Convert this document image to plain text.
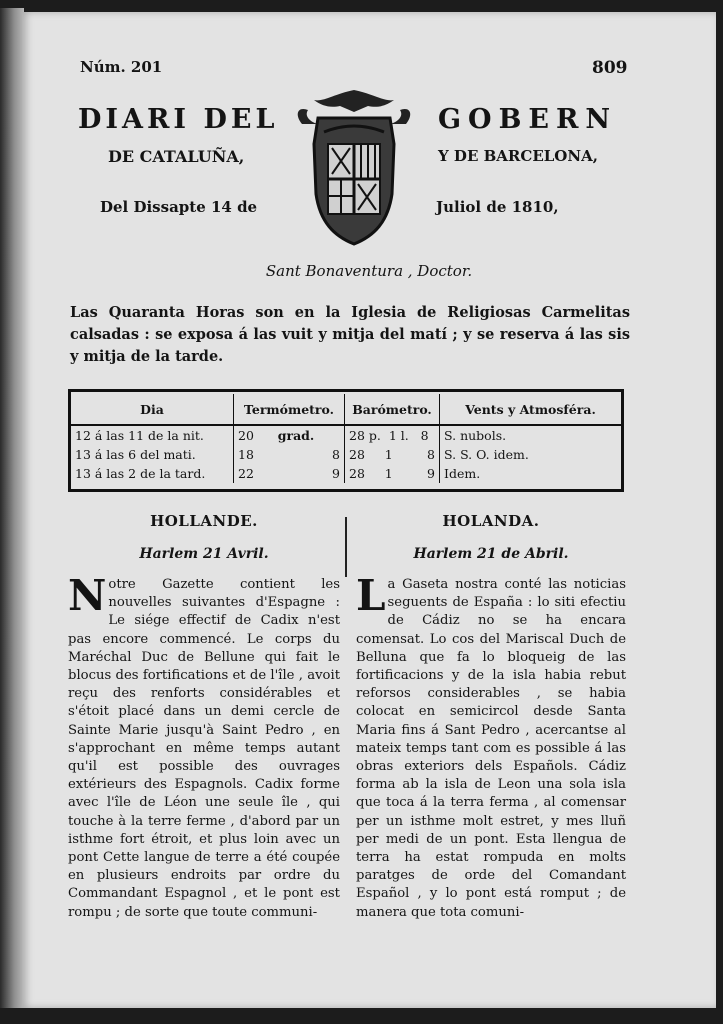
Núm. 201	809
DIARI DEL	GOBERN
DE CATALUÑA,	Y DE BARCELONA,
Del Dissapte 14 de	Juliol de 1810,
Sant Bonaventura , Doctor.
Las Quaranta Horas son en la Iglesia de Religiosas Carmelitas calsadas : se exposa á las vuit y mitja del matí ; y se reserva á las sis y mitja de la tarde.
Dia	Termómetro.	Barómetro.	Vents y Atmosféra.
12 á las 11 de la nit.	20 grad.	28 p. 1 l. 8	S. nubols.
13 á las 6 del mati.	18 8	28 1 8	S. S. O. idem.
13 á las 2 de la tard.	22 9	28 1 9	Idem.
HOLLANDE.
Harlem 21 Avril.
Notre Gazette contient les nouvelles suivantes d'Espagne : Le siége effectif de Cadix n'est pas encore commencé. Le corps du Maréchal Duc de Bellune qui fait le blocus des fortifications et de l'île , avoit reçu des renforts considérables et s'étoit placé dans un demi cercle de Sainte Marie jusqu'à Saint Pedro , en s'approchant en même temps autant qu'il est possible des ouvrages extérieurs des Espagnols. Cadix forme avec l'île de Léon une seule île , qui touche à la terre ferme , d'abord par un isthme fort étroit, et plus loin avec un pont Cette langue de terre a été coupée en plusieurs endroits par ordre du Commandant Espagnol , et le pont est rompu ; de sorte que toute communi-
HOLANDA.
Harlem 21 de Abril.
La Gaseta nostra conté las noticias seguents de España : lo siti efectiu de Cádiz no se ha encara comensat. Lo cos del Mariscal Duch de Belluna que fa lo bloqueig de las fortificacions y de la isla habia rebut reforsos considerables , se habia colocat en semicircol desde Santa Maria fins á Sant Pedro , acercantse al mateix temps tant com es possible á las obras exteriors dels Españols. Cádiz forma ab la isla de Leon una sola isla que toca á la terra ferma , al comensar per un isthme molt estret, y mes lluñ per medi de un pont. Esta llengua de terra ha estat rompuda en molts paratges de orde del Comandant Español , y lo pont está romput ; de manera que tota comuni-
